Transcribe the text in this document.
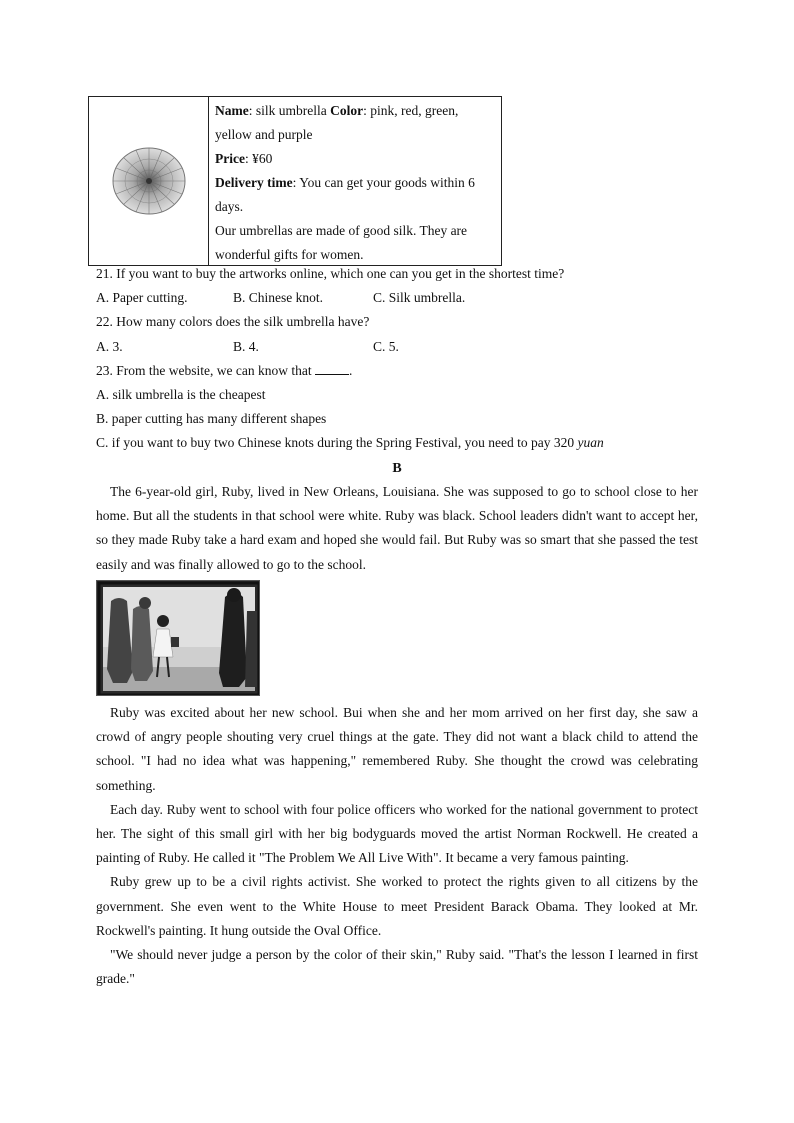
Name: silk umbrella Color: pink, red, green, yellow and purple
Price: ¥60
Delivery time: You can get your goods within 6 days.
Our umbrellas are made of good silk. They are wonderful gifts for women.
21. If you want to buy the artworks online, which one can you get in the shortest time?
A. Paper cutting.	B. Chinese knot.	C. Silk umbrella.
22. How many colors does the silk umbrella have?
A. 3.	B. 4.	C. 5.
23. From the website, we can know that	.
A. silk umbrella is the cheapest
B. paper cutting has many different shapes
C. if you want to buy two Chinese knots during the Spring Festival, you need to pay 320 yuan
B

The 6-year-old girl, Ruby, lived in New Orleans, Louisiana. She was supposed to go to school close to her home. But all the students in that school were white. Ruby was black. School leaders didn't want to accept her, so they made Ruby take a hard exam and hoped she would fail. But Ruby was so smart that she passed the test easily and was finally allowed to go to the school.

Ruby was excited about her new school. Bui when she and her mom arrived on her first day, she saw a crowd of angry people shouting very cruel things at the gate. They did not want a black child to attend the school. "I had no idea what was happening," remembered Ruby. She thought the crowd was celebrating something.

Each day. Ruby went to school with four police officers who worked for the national government to protect her. The sight of this small girl with her big bodyguards moved the artist Norman Rockwell. He created a painting of Ruby. He called it "The Problem We All Live With". It became a very famous painting.

Ruby grew up to be a civil rights activist. She worked to protect the rights given to all citizens by the government. She even went to the White House to meet President Barack Obama. They looked at Mr. Rockwell's painting. It hung outside the Oval Office.

"We should never judge a person by the color of their skin," Ruby said. "That's the lesson I learned in first grade."
